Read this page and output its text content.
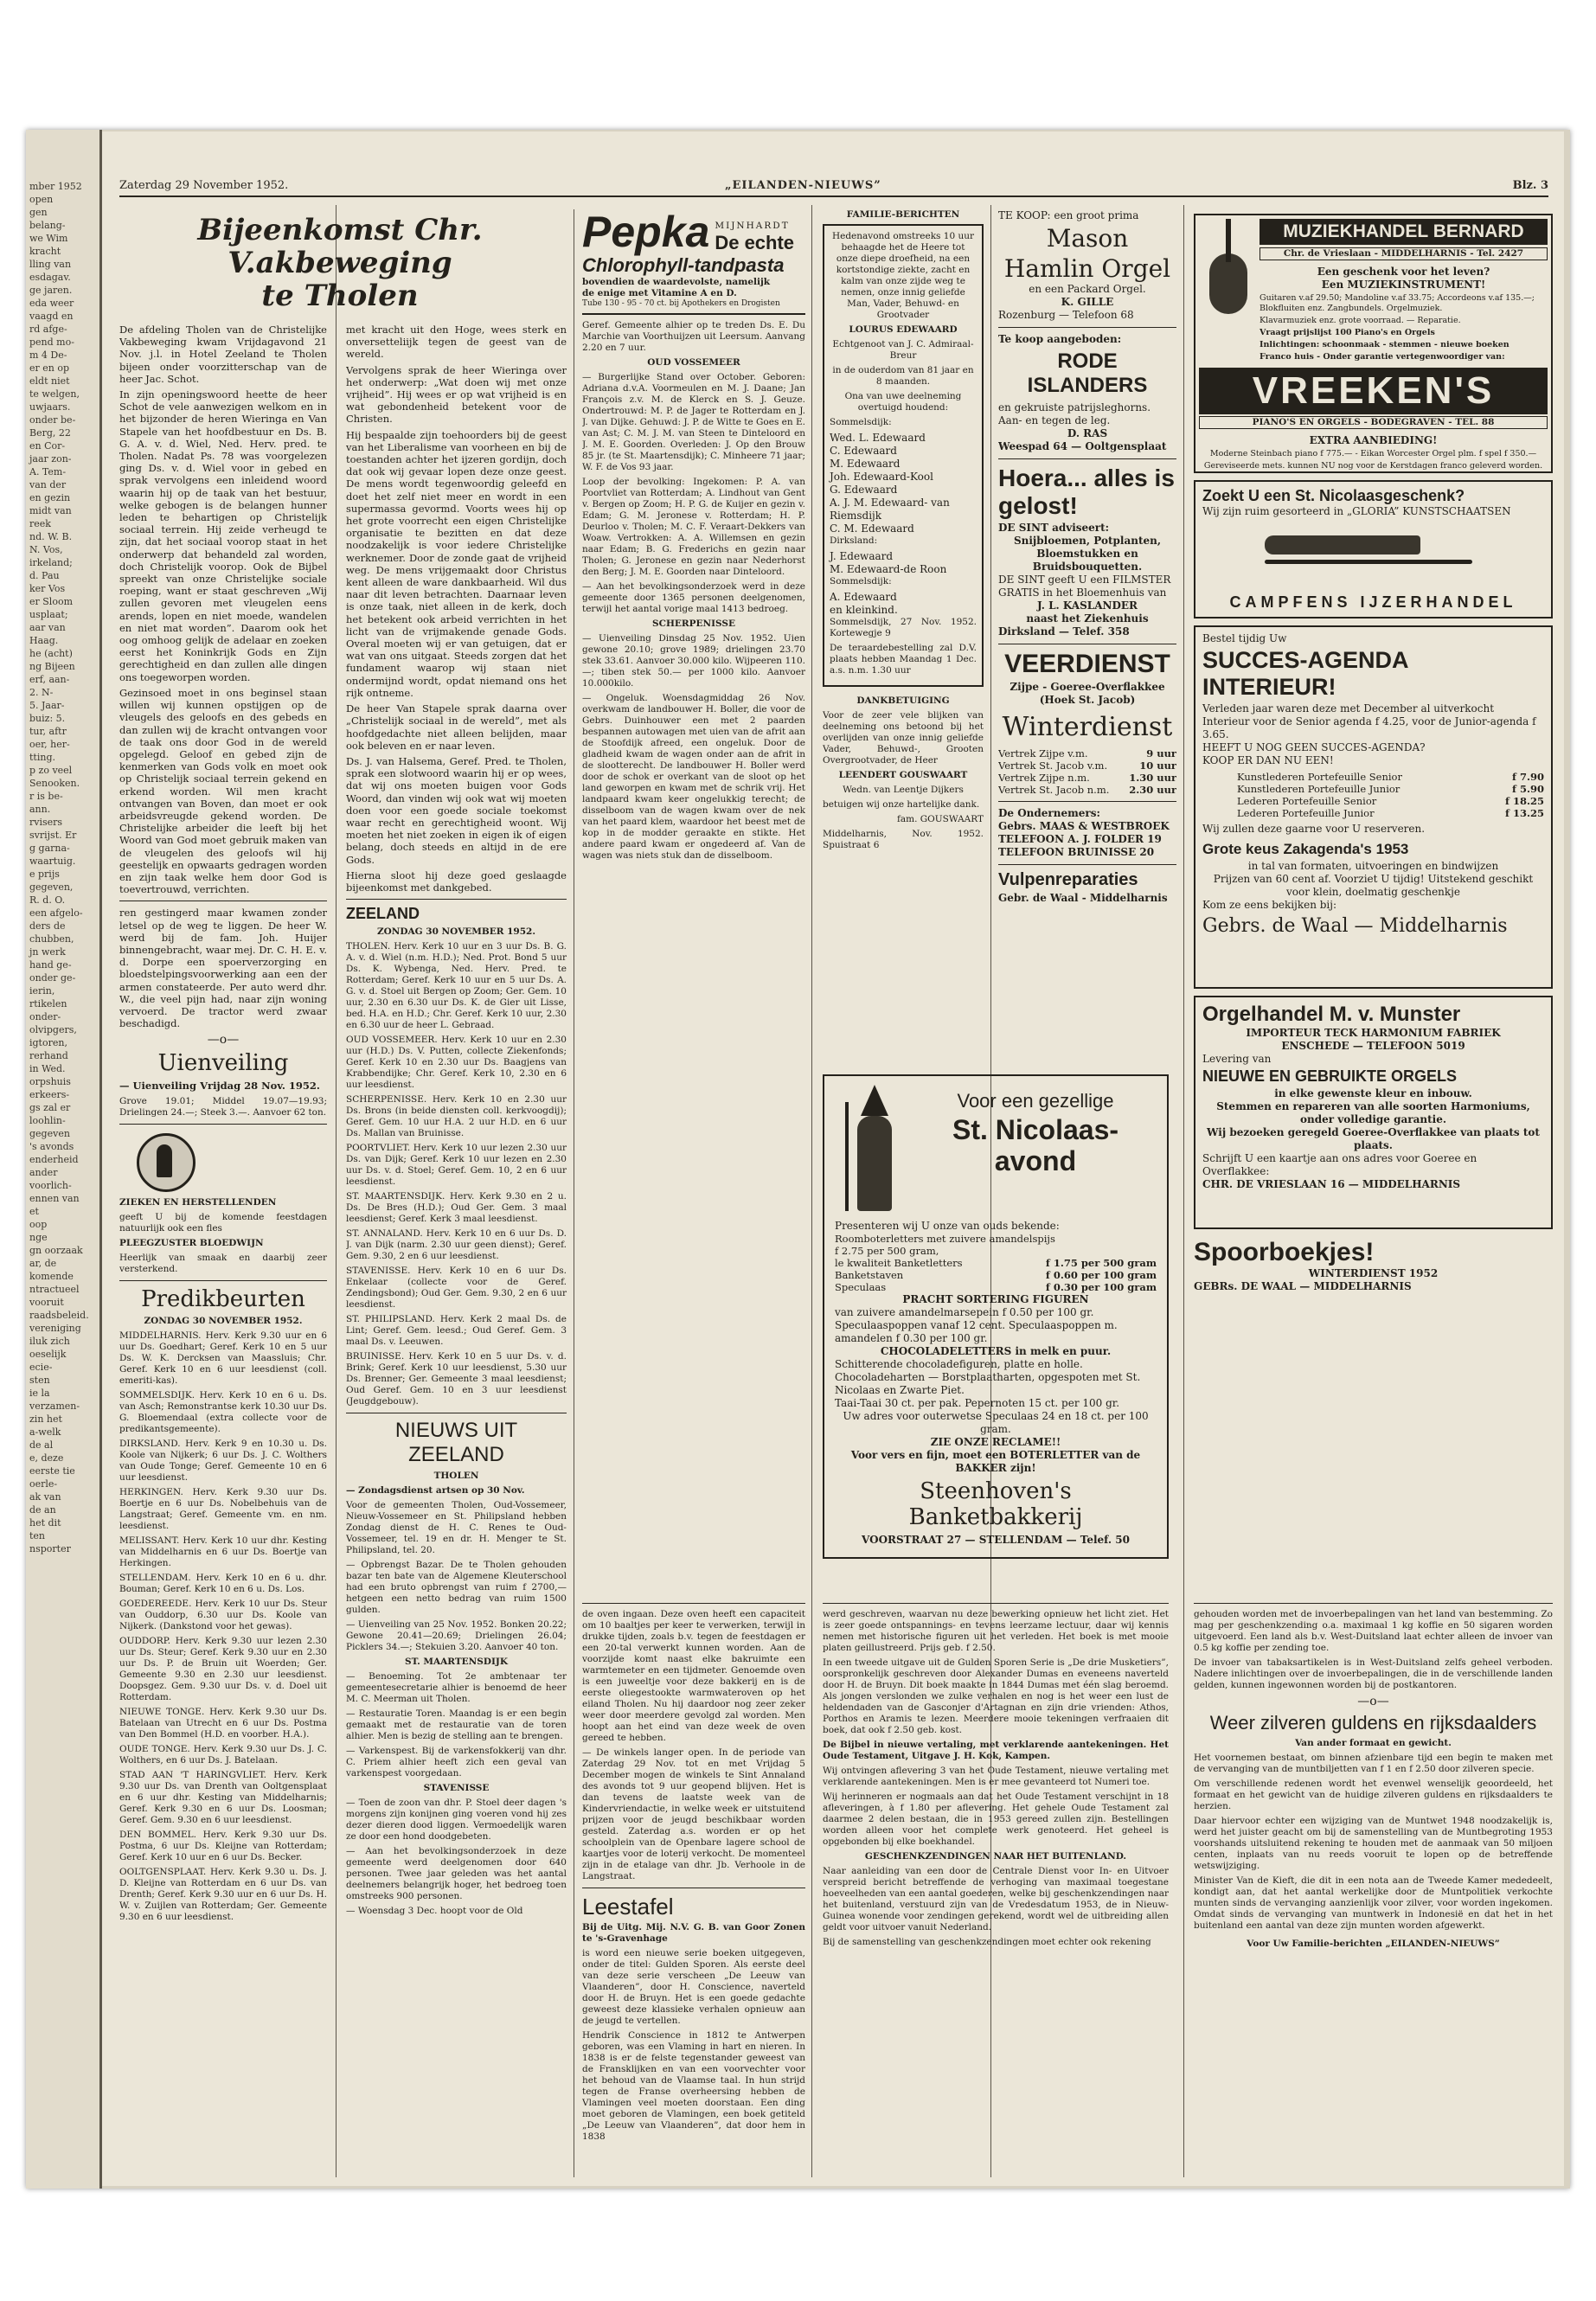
mber 1952
open
gen
belang-
we Wim
kracht
lling van
esdagav.
ge jaren.
eda weer
vaagd en
rd afge-
pend mo-
m 4 De-
er en op
eldt niet
te welgen,
uwjaars.
onder be-
Berg, 22
en Cor-
jaar zon-
A. Tem-
van der
en gezin
midt van
reek
nd. W. B.
N. Vos,
irkeland;
d. Pau
ker Vos
er Sloom
usplaat;
aar van
Haag.
he (acht)
ng Bijeen
erf, aan-
2. N-
5. Jaar-
buiz: 5.
tur, aftr
oer, her-
tting.
p zo veel
Senooken.
r is be-
ann.
rvisers
svrijst. Er
g garna-
waartuig.
e prijs
gegeven,
R. d. O.
een afgelo-
ders de
chubben,
jn werk
hand ge-
onder ge-
ierin,
rtikelen
onder-
olvipgers,
igtoren,
rerhand
in Wed.
orpshuis
erkeers-
gs zal er
loohlin-
gegeven
's avonds
enderheid
ander
voorlich-
ennen van
et
oop
nge
gn oorzaak
ar, de
komende
ntractueel
vooruit
raadsbeleid.
vereniging
iluk zich
oeselijk
ecie-
sten
ie la
verzamen-
zin het
a-welk
de al
e, deze
eerste tie
oerle-
ak van
de an
het dit
ten
nsporter
Zaterdag 29 November 1952.	„EILANDEN-NIEUWS”	Blz. 3

Bijeenkomst Chr. V.akbeweging

te Tholen

De afdeling Tholen van de Christelijke Vakbeweging kwam Vrijdagavond 21 Nov. j.l. in Hotel Zeeland te Tholen bijeen onder voorzitterschap van de heer Jac. Schot.

In zijn openingswoord heette de heer Schot de vele aanwezigen welkom en in het bijzonder de heren Wieringa en Van Stapele van het hoofdbestuur en Ds. B. G. A. v. d. Wiel, Ned. Herv. pred. te Tholen. Nadat Ps. 78 was voorgelezen ging Ds. v. d. Wiel voor in gebed en sprak vervolgens een inleidend woord waarin hij op de taak van het bestuur, welke gebogen is de belangen hunner leden te behartigen op Christelijk sociaal terrein. Hij zeide verheugd te zijn, dat het sociaal voorop staat in het onderwerp dat behandeld zal worden, doch Christelijk voorop. Ook de Bijbel spreekt van onze Christelijke sociale roeping, want er staat geschreven „Wij zullen gevoren met vleugelen eens arends, lopen en niet moede, wandelen en niet mat worden”. Daarom ook het oog omhoog gelijk de adelaar en zoeken eerst het Koninkrijk Gods en Zijn gerechtigheid en dan zullen alle dingen ons toegeworpen worden.

Gezinsoed moet in ons beginsel staan willen wij kunnen opstijgen op de vleugels des geloofs en des gebeds en dan zullen wij de kracht ontvangen voor de taak ons door God in de wereld opgelegd. Geloof en gebed zijn de kenmerken van Gods volk en moet ook op Christelijk sociaal terrein gekend en erkend worden. Wil men kracht ontvangen van Boven, dan moet er ook arbeidsvreugde gekend worden. De Christelijke arbeider die leeft bij het Woord van God moet gebruik maken van de vleugelen des geloofs wil hij geestelijk en opwaarts gedragen worden en zijn taak welke hem door God is toevertrouwd, verrichten.

ren gestingerd maar kwamen zonder letsel op de weg te liggen. De heer W. werd bij de fam. Joh. Huijer binnengebracht, waar mej. Dr. C. H. E. v. d. Dorpe een spoerverzorging en bloedstelpingsvoorwerking aan een der armen constateerde. Per auto werd dhr. W., die veel pijn had, naar zijn woning vervoerd. De tractor werd zwaar beschadigd.

—o—

Uienveiling

— Uienveiling Vrijdag 28 Nov. 1952.

Grove 19.01; Middel 19.07—19.93; Drielingen 24.—; Steek 3.—. Aanvoer 62 ton.

ZIEKEN EN HERSTELLENDEN

geeft U bij de komende feestdagen natuurlijk ook een fles

PLEEGZUSTER BLOEDWIJN

Heerlijk van smaak en daarbij zeer versterkend.

Predikbeurten

ZONDAG 30 NOVEMBER 1952.

MIDDELHARNIS. Herv. Kerk 9.30 uur en 6 uur Ds. Goedhart; Geref. Kerk 10 en 5 uur Ds. W. K. Dercksen van Maassluis; Chr. Geref. Kerk 10 en 6 uur leesdienst (coll. emeriti-kas).

SOMMELSDIJK. Herv. Kerk 10 en 6 u. Ds. van Asch; Remonstrantse kerk 10.30 uur Ds. G. Bloemendaal (extra collecte voor de predikantsgemeente).

DIRKSLAND. Herv. Kerk 9 en 10.30 u. Ds. Koole van Nijkerk; 6 uur Ds. J. C. Wolthers van Oude Tonge; Geref. Gemeente 10 en 6 uur leesdienst.

HERKINGEN. Herv. Kerk 9.30 uur Ds. Boertje en 6 uur Ds. Nobelbehuis van de Langstraat; Geref. Gemeente vm. en nm. leesdienst.

MELISSANT. Herv. Kerk 10 uur dhr. Kesting van Middelharnis en 6 uur Ds. Boertje van Herkingen.

STELLENDAM. Herv. Kerk 10 en 6 u. dhr. Bouman; Geref. Kerk 10 en 6 u. Ds. Los.

GOEDEREEDE. Herv. Kerk 10 uur Ds. Steur van Ouddorp, 6.30 uur Ds. Koole van Nijkerk. (Dankstond voor het gewas).

OUDDORP. Herv. Kerk 9.30 uur lezen 2.30 uur Ds. Steur; Geref. Kerk 9.30 uur en 2.30 uur Ds. P. de Bruin uit Woerden; Ger. Gemeente 9.30 en 2.30 uur leesdienst. Doopsgez. Gem. 9.30 uur Ds. v. d. Doel uit Rotterdam.

NIEUWE TONGE. Herv. Kerk 9.30 uur Ds. Batelaan van Utrecht en 6 uur Ds. Postma van Den Bommel (H.D. en voorber. H.A.).

OUDE TONGE. Herv. Kerk 9.30 uur Ds. J. C. Wolthers, en 6 uur Ds. J. Batelaan.

STAD AAN 'T HARINGVLIET. Herv. Kerk 9.30 uur Ds. van Drenth van Ooltgensplaat en 6 uur dhr. Kesting van Middelharnis; Geref. Kerk 9.30 en 6 uur Ds. Loosman; Geref. Gem. 9.30 en 6 uur leesdienst.

DEN BOMMEL. Herv. Kerk 9.30 uur Ds. Postma, 6 uur Ds. Kleijne van Rotterdam; Geref. Kerk 10 uur en 6 uur Ds. Becker.

OOLTGENSPLAAT. Herv. Kerk 9.30 u. Ds. J. D. Kleijne van Rotterdam en 6 uur Ds. van Drenth; Geref. Kerk 9.30 uur en 6 uur Ds. H. W. v. Zuijlen van Rotterdam; Ger. Gemeente 9.30 en 6 uur leesdienst.

met kracht uit den Hoge, wees sterk en onversetteliijk tegen de geest van de wereld.

Vervolgens sprak de heer Wieringa over het onderwerp: „Wat doen wij met onze vrijheid”. Hij wees er op wat vrijheid is en wat gebondenheid betekent voor de Christen.

Hij bespaalde zijn toehoorders bij de geest van het Liberalisme van voorheen en bij de toestanden achter het ijzeren gordijn, doch dat ook wij gevaar lopen deze onze geest. De mens wordt tegenwoordig geleefd en doet het zelf niet meer en wordt in een supermassa gevormd. Voorts wees hij op het grote voorrecht een eigen Christelijke organisatie te bezitten en dat deze noodzakelijk is voor iedere Christelijke werknemer. Door de zonde gaat de vrijheid weg. De mens vrijgemaakt door Christus kent alleen de ware dankbaarheid. Wil dus naar dit leven betrachten. Daarnaar leven is onze taak, niet alleen in de kerk, doch het betekent ook arbeid verrichten in het licht van de vrijmakende genade Gods. Overal moeten wij er van getuigen, dat er wat van ons uitgaat. Steeds zorgen dat het fundament waarop wij staan niet ondermijnd wordt, opdat niemand ons het rijk ontneme.

De heer Van Stapele sprak daarna over „Christelijk sociaal in de wereld”, met als hoofdgedachte niet alleen belijden, maar ook beleven en er naar leven.

Ds. J. van Halsema, Geref. Pred. te Tholen, sprak een slotwoord waarin hij er op wees, dat wij ons moeten buigen voor Gods Woord, dan vinden wij ook wat wij moeten doen voor een goede sociale toekomst waar recht en gerechtigheid woont. Wij moeten het niet zoeken in eigen ik of eigen belang, doch steeds en altijd in de ere Gods.

Hierna sloot hij deze goed geslaagde bijeenkomst met dankgebed.

ZEELAND

ZONDAG 30 NOVEMBER 1952.

THOLEN. Herv. Kerk 10 uur en 3 uur Ds. B. G. A. v. d. Wiel (n.m. H.D.); Ned. Prot. Bond 5 uur Ds. K. Wybenga, Ned. Herv. Pred. te Rotterdam; Geref. Kerk 10 uur en 5 uur Ds. A. G. v. d. Stoel uit Bergen op Zoom; Ger. Gem. 10 uur, 2.30 en 6.30 uur Ds. K. de Gier uit Lisse, bed. H.A. en H.D.; Chr. Geref. Kerk 10 uur, 2.30 en 6.30 uur de heer L. Gebraad.

OUD VOSSEMEER. Herv. Kerk 10 uur en 2.30 uur (H.D.) Ds. V. Putten, collecte Ziekenfonds; Geref. Kerk 10 en 2.30 uur Ds. Baagjens van Krabbendijke; Chr. Geref. Kerk 10, 2.30 en 6 uur leesdienst.

SCHERPENISSE. Herv. Kerk 10 en 2.30 uur Ds. Brons (in beide diensten coll. kerkvoogdij); Geref. Gem. 10 uur H.A. 2 uur H.D. en 6 uur Ds. Mallan van Bruinisse.

POORTVLIET. Herv. Kerk 10 uur lezen 2.30 uur Ds. van Dijk; Geref. Kerk 10 uur lezen en 2.30 uur Ds. v. d. Stoel; Geref. Gem. 10, 2 en 6 uur leesdienst.

ST. MAARTENSDIJK. Herv. Kerk 9.30 en 2 u. Ds. De Bres (H.D.); Oud Ger. Gem. 3 maal leesdienst; Geref. Kerk 3 maal leesdienst.

ST. ANNALAND. Herv. Kerk 10 en 6 uur Ds. D. J. van Dijk (narm. 2.30 uur geen dienst); Geref. Gem. 9.30, 2 en 6 uur leesdienst.

STAVENISSE. Herv. Kerk 10 en 6 uur Ds. Enkelaar (collecte voor de Geref. Zendingsbond); Oud Ger. Gem. 9.30, 2 en 6 uur leesdienst.

ST. PHILIPSLAND. Herv. Kerk 2 maal Ds. de Lint; Geref. Gem. leesd.; Oud Geref. Gem. 3 maal Ds. v. Leeuwen.

BRUINISSE. Herv. Kerk 10 en 5 uur Ds. v. d. Brink; Geref. Kerk 10 uur leesdienst, 5.30 uur Ds. Brenner; Ger. Gemeente 3 maal leesdienst; Oud Geref. Gem. 10 en 3 uur leesdienst (Jeugdgebouw).

NIEUWS UIT ZEELAND

THOLEN

— Zondagsdienst artsen op 30 Nov.

Voor de gemeenten Tholen, Oud-Vossemeer, Nieuw-Vossemeer en St. Philipsland hebben Zondag dienst de H. C. Renes te Oud-Vossemeer, tel. 19 en dr. H. Menger te St. Philipsland, tel. 20.

— Opbrengst Bazar. De te Tholen gehouden bazar ten bate van de Algemene Kleuterschool had een bruto opbrengst van ruim f 2700,— hetgeen een netto bedrag van ruim 1500 gulden.

— Uienveiling van 25 Nov. 1952. Bonken 20.22; Gewone 20.41—20.69; Drielingen 26.04; Picklers 34.—; Stekuien 3.20. Aanvoer 40 ton.

ST. MAARTENSDIJK

— Benoeming. Tot 2e ambtenaar ter gemeentesecretarie alhier is benoemd de heer M. C. Meerman uit Tholen.

— Restauratie Toren. Maandag is er een begin gemaakt met de restauratie van de toren alhier. Men is bezig de stelling aan te brengen.

— Varkenspest. Bij de varkensfokkerij van dhr. C. Priem alhier heeft zich een geval van varkenspest voorgedaan.

STAVENISSE

— Toen de zoon van dhr. P. Stoel deer dagen 's morgens zijn konijnen ging voeren vond hij zes dezer dieren dood liggen. Vermoedelijk waren ze door een hond doodgebeten.

— Aan het bevolkingsonderzoek in deze gemeente werd deelgenomen door 640 personen. Twee jaar geleden was het aantal deelnemers belangrijk hoger, het bedroeg toen omstreeks 900 personen.

— Woensdag 3 Dec. hoopt voor de Old

Pepka MIJNHARDT
De echte
Chlorophyll-tandpasta
bovendien de waardevolste, namelijk
de enige met Vitamine A en D.
Tube 130 - 95 - 70 ct. bij Apothekers en Drogisten

Geref. Gemeente alhier op te treden Ds. E. Du Marchie van Voorthuijzen uit Leersum. Aanvang 2.20 en 7 uur.

OUD VOSSEMEER

— Burgerlijke Stand over October. Geboren: Adriana d.v.A. Voormeulen en M. J. Daane; Jan François z.v. M. de Klerck en S. J. Geuze. Ondertrouwd: M. P. de Jager te Rotterdam en J. J. van Dijke. Gehuwd: J. P. de Witte te Goes en E. van Ast; C. M. J. M. van Steen te Dinteloord en J. M. E. Goorden. Overleden: J. Op den Brouw 85 jr. (te St. Maartensdijk); C. Minheere 71 jaar; W. F. de Vos 93 jaar.

Loop der bevolking: Ingekomen: P. A. van Poortvliet van Rotterdam; A. Lindhout van Gent v. Bergen op Zoom; H. P. G. de Kuijer en gezin v. Edam; G. M. Jeronese v. Rotterdam; H. P. Deurloo v. Tholen; M. C. F. Veraart-Dekkers van Woaw. Vertrokken: A. A. Willemsen en gezin naar Edam; B. G. Frederichs en gezin naar Tholen; G. Jeronese en gezin naar Nederhorst den Berg; J. M. E. Goorden naar Dinteloord.

— Aan het bevolkingsonderzoek werd in deze gemeente door 1365 personen deelgenomen, terwijl het aantal vorige maal 1413 bedroeg.

SCHERPENISSE

— Uienveiling Dinsdag 25 Nov. 1952. Uien gewone 20.10; grove 1989; drielingen 23.70 stek 33.61. Aanvoer 30.000 kilo. Wijpeeren 110.—; tiben stek 50.— per 1000 kilo. Aanvoer 10.000kilo.

— Ongeluk. Woensdagmiddag 26 Nov. overkwam de landbouwer H. Boller, die voor de Gebrs. Duinhouwer een met 2 paarden bespannen autowagen met uien van de afrit aan de Stoofdijk afreed, een ongeluk. Door de gladheid kwam de wagen onder aan de afrit in de slootterecht. De landbouwer H. Boller werd door de schok er overkant van de sloot op het land geworpen en kwam met de schrik vrij. Het landpaard kwam keer ongelukkig terecht; de disselboom van de wagen kwam over de nek van het paard klem, waardoor het beest met de kop in de modder geraakte en stikte. Het andere paard kwam er ongedeerd af. Van de wagen was niets stuk dan de disselboom.

FAMILIE-BERICHTEN

Hedenavond omstreeks 10 uur behaagde het de Heere tot onze diepe droefheid, na een kortstondige ziekte, zacht en kalm van onze zijde weg te nemen, onze innig geliefde Man, Vader, Behuwd- en Grootvader

LOURUS EDEWAARD

Echtgenoot van J. C. Admiraal-Breur

in de ouderdom van 81 jaar en 8 maanden.

Ona van uwe deelneming overtuigd houdend:

Sommelsdijk:

Wed. L. Edewaard

C. Edewaard

M. Edewaard

Joh. Edewaard-Kool

G. Edewaard

A. J. M. Edewaard- van Riemsdijk

C. M. Edewaard

Dirksland:

J. Edewaard

M. Edewaard-de Roon

Sommelsdijk:

A. Edewaard

en kleinkind.

Sommelsdijk, 27 Nov. 1952. Kortewegje 9

De teraardebestelling zal D.V. plaats hebben Maandag 1 Dec. a.s. n.m. 1.30 uur

DANKBETUIGING

Voor de zeer vele blijken van deelneming ons betoond bij het overlijden van onze innig geliefde Vader, Behuwd-, Grooten Overgrootvader, de Heer

LEENDERT GOUSWAART

Wedn. van Leentje Dijkers

betuigen wij onze hartelijke dank.

fam. GOUSWAART

Middelharnis, Nov. 1952. Spuistraat 6

TE KOOP: een groot prima

Mason

Hamlin Orgel

en een Packard Orgel.

K. GILLE

Rozenburg — Telefoon 68

Te koop aangeboden:

RODE ISLANDERS

en gekruiste patrijsleghorns. Aan- en tegen de leg.

D. RAS

Weespad 64 — Ooltgensplaat

Hoera... alles is gelost!

DE SINT adviseert:

Snijbloemen, Potplanten, Bloemstukken en Bruidsbouquetten.

DE SINT geeft U een FILMSTER GRATIS in het Bloemenhuis van

J. L. KASLANDER

naast het Ziekenhuis

Dirksland — Telef. 358

VEERDIENST

Zijpe - Goeree-Overflakkee (Hoek St. Jacob)

Winterdienst

Vertrek Zijpe v.m.	9 uur
Vertrek St. Jacob v.m.	10 uur
Vertrek Zijpe n.m.	1.30 uur
Vertrek St. Jacob n.m. 2.30 uur

De Ondernemers:

Gebrs. MAAS & WESTBROEK

TELEFOON A. J. FOLDER 19

TELEFOON BRUINISSE 20

Vulpenreparaties

Gebr. de Waal - Middelharnis

Voor een gezellige

St. Nicolaas-

avond

Presenteren wij U onze van ouds bekende:

Roomboterletters met zuivere amandelspijs
f 2.75 per 500 gram,
le kwaliteit Banketletters	f 1.75 per 500 gram
Banketstaven	f 0.60 per 100 gram
Speculaas	f 0.30 per 100 gram

PRACHT SORTERING FIGUREN

van zuivere amandelmarsepein f 0.50 per 100 gr. Speculaaspoppen vanaf 12 cent. Speculaaspoppen m. amandelen f 0.30 per 100 gr.

CHOCOLADELETTERS in melk en puur.

Schitterende chocoladefiguren, platte en holle. Chocoladeharten — Borstplaatharten, opgespoten met St. Nicolaas en Zwarte Piet.

Taai-Taai 30 ct. per pak. Pepernoten 15 ct. per 100 gr.

Uw adres voor outerwetse Speculaas 24 en 18 ct. per 100 gram.

ZIE ONZE RECLAME!!

Voor vers en fijn, moet een BOTERLETTER van de BAKKER zijn!

Steenhoven's Banketbakkerij

VOORSTRAAT 27 — STELLENDAM — Telef. 50

MUZIEKHANDEL BERNARD
Chr. de Vrieslaan - MIDDELHARNIS - Tel. 2427

Een geschenk voor het leven?

Een MUZIEKINSTRUMENT!

Guitaren v.af 29.50; Mandoline v.af 33.75; Accordeons v.af 135.—; Blokfluiten enz. Zangbundels. Orgelmuziek.

Klavarmuziek enz. grote voorraad. — Reparatie.

Vraagt prijslijst 100 Piano's en Orgels

Inlichtingen: schoonmaak - stemmen - nieuwe boeken

Franco huis - Onder garantie vertegenwoordiger van:

VREEKEN'S
PIANO'S EN ORGELS - BODEGRAVEN - TEL. 88

EXTRA AANBIEDING!

Moderne Steinbach piano f 775.— - Eikan Worcester Orgel plm. f spel f 350.—

Gereviseerde mets. kunnen NU nog voor de Kerstdagen franco geleverd worden.

Zoekt U een St. Nicolaasgeschenk?

Wij zijn ruim gesorteerd in „GLORIA” KUNSTSCHAATSEN

CAMPFENS IJZERHANDEL

Bestel tijdig Uw

SUCCES-AGENDA INTERIEUR!

Verleden jaar waren deze met December al uitverkocht

Interieur voor de Senior agenda f 4.25, voor de Junior-agenda f 3.65.

HEEFT U NOG GEEN SUCCES-AGENDA?

KOOP ER DAN NU EEN!

Kunstlederen Portefeuille Senior	f 7.90
Kunstlederen Portefeuille Junior	f 5.90
Lederen Portefeuille Senior	f 18.25
Lederen Portefeuille Junior	f 13.25

Wij zullen deze gaarne voor U reserveren.

Grote keus Zakagenda's 1953

in tal van formaten, uitvoeringen en bindwijzen

Prijzen van 60 cent af. Voorziet U tijdig! Uitstekend geschikt voor klein, doelmatig geschenkje

Kom ze eens bekijken bij:

Gebrs. de Waal — Middelharnis

Orgelhandel M. v. Munster

IMPORTEUR TECK HARMONIUM FABRIEK

ENSCHEDE — TELEFOON 5019

Levering van

NIEUWE EN GEBRUIKTE ORGELS

in elke gewenste kleur en inbouw.

Stemmen en repareren van alle soorten Harmoniums, onder volledige garantie.

Wij bezoeken geregeld Goeree-Overflakkee van plaats tot plaats.

Schrijft U een kaartje aan ons adres voor Goeree en Overflakkee:

CHR. DE VRIESLAAN 16 — MIDDELHARNIS

Spoorboekjes!

WINTERDIENST 1952

GEBRs. DE WAAL — MIDDELHARNIS

de oven ingaan. Deze oven heeft een capaciteit om 10 baaltjes per keer te verwerken, terwijl in drukke tijden, zoals b.v. tegen de feestdagen er een 20-tal verwerkt kunnen worden. Aan de voorzijde komt naast elke bakruimte een warmtemeter en een tijdmeter. Genoemde oven is een juweeltje voor deze bakkerij en is de eerste oliegestookte warmwateroven op het eiland Tholen. Nu hij daardoor nog zeer zeker weer door meerdere gevolgd zal worden. Men hoopt aan het eind van deze week de oven gereed te hebben.

— De winkels langer open. In de periode van Zaterdag 29 Nov. tot en met Vrijdag 5 December mogen de winkels te Sint Annaland des avonds tot 9 uur geopend blijven. Het is dan tevens de laatste week van de Kindervriendactie, in welke week er uitstuitend prijzen voor de jeugd beschikbaar worden gesteld. Zaterdag a.s. worden er op het schoolplein van de Openbare lagere school de kaartjes voor de loterij verkocht. De momenteel zijn in de etalage van dhr. Jb. Verhoole in de Langstraat.

Leestafel

Bij de Uitg. Mij. N.V. G. B. van Goor Zonen te 's-Gravenhage

is word een nieuwe serie boeken uitgegeven, onder de titel: Gulden Sporen. Als eerste deel van deze serie verscheen „De Leeuw van Vlaanderen”, door H. Conscience, naverteld door H. de Bruyn. Het is een goede gedachte geweest deze klassieke verhalen opnieuw aan de jeugd te vertellen.

Hendrik Conscience in 1812 te Antwerpen geboren, was een Vlaming in hart en nieren. In 1838 is er de felste tegenstander geweest van de Fransklijken en van een voorvechter voor het behoud van de Vlaamse taal. In hun strijd tegen de Franse overheersing hebben de Vlamingen veel moeten doorstaan. Een ding moet geboren de Vlamingen, een boek getiteld „De Leeuw van Vlaanderen”, dat door hem in 1838

werd geschreven, waarvan nu deze bewerking opnieuw het licht ziet. Het is zeer goede ontspannings- en tevens leerzame lectuur, daar wij kennis nemen met historische figuren uit het verleden. Het boek is met mooie platen geillustreerd. Prijs geb. f 2.50.

In een tweede uitgave uit de Gulden Sporen Serie is „De drie Musketiers”, oorspronkelijk geschreven door Alexander Dumas en eveneens naverteld door H. de Bruyn. Dit boek maakte in 1844 Dumas met één slag beroemd. Als jongen verslonden we zulke verhalen en nog is het weer een lust de heldendaden van de Gasconjer d'Artagnan en zijn drie vrienden: Athos, Porthos en Aramis te lezen. Meerdere mooie tekeningen verfraaien dit boek, dat ook f 2.50 geb. kost.

De Bijbel in nieuwe vertaling, met verklarende aantekeningen. Het Oude Testament, Uitgave J. H. Kok, Kampen.

Wij ontvingen aflevering 3 van het Oude Testament, nieuwe vertaling met verklarende aantekeningen. Men is er mee gevanteerd tot Numeri toe.

Wij herinneren er nogmaals aan dat het Oude Testament verschijnt in 18 afleveringen, à f 1.80 per aflevering. Het gehele Oude Testament zal daarmee 2 delen bestaan, die in 1953 gereed zullen zijn. Bestellingen worden alleen voor het complete werk genoteerd. Het geheel is opgebonden bij elke boekhandel.

GESCHENKZENDINGEN NAAR HET BUITENLAND.

Naar aanleiding van een door de Centrale Dienst voor In- en Uitvoer verspreid bericht betreffende de verhoging van maximaal toegestane hoeveelheden van een aantal goederen, welke bij geschenkzendingen naar het buitenland, verstuurd zijn van de Vredesdatum 1953, de in Nieuw-Guinea wonende voor zendingen gerekend, wordt wel de uitbreiding allen geldt voor uitvoer vanuit Nederland.

Bij de samenstelling van geschenkzendingen moet echter ook rekening

gehouden worden met de invoerbepalingen van het land van bestemming. Zo mag per geschenkzending o.a. maximaal 1 kg koffie en 50 sigaren worden uitgevoerd. Een land als b.v. West-Duitsland laat echter alleen de invoer van 0.5 kg koffie per zending toe.

De invoer van tabaksartikelen is in West-Duitsland zelfs geheel verboden. Nadere inlichtingen over de invoerbepalingen, die in de verschillende landen gelden, kunnen ingewonnen worden bij de postkantoren.

—o—

Weer zilveren guldens en rijksdaalders

Van ander formaat en gewicht.

Het voornemen bestaat, om binnen afzienbare tijd een begin te maken met de vervanging van de muntbiljetten van f 1 en f 2.50 door zilveren specie.

Om verschillende redenen wordt het evenwel wenselijk geoordeeld, het formaat en het gewicht van de huidige zilveren guldens en rijksdaalders te herzien.

Daar hiervoor echter een wijziging van de Muntwet 1948 noodzakelijk is, werd het juister geacht om bij de samenstelling van de Muntbegroting 1953 voorshands uitsluitend rekening te houden met de aanmaak van 50 miljoen centen, inplaats van nu reeds vooruit te lopen op de betreffende wetswijziging.

Minister Van de Kieft, die dit in een nota aan de Tweede Kamer mededeelt, kondigt aan, dat het aantal werkelijke door de Muntpolitiek verkochte munten sinds de vervanging aanzienlijk voor zilver, voor worden ingekomen. Omdat sinds de vervanging van muntwerk in Indonesië en dat het in het buitenland een aantal van deze zijn munten worden afgewerkt.

Voor Uw Familie-berichten „EILANDEN-NIEUWS”
